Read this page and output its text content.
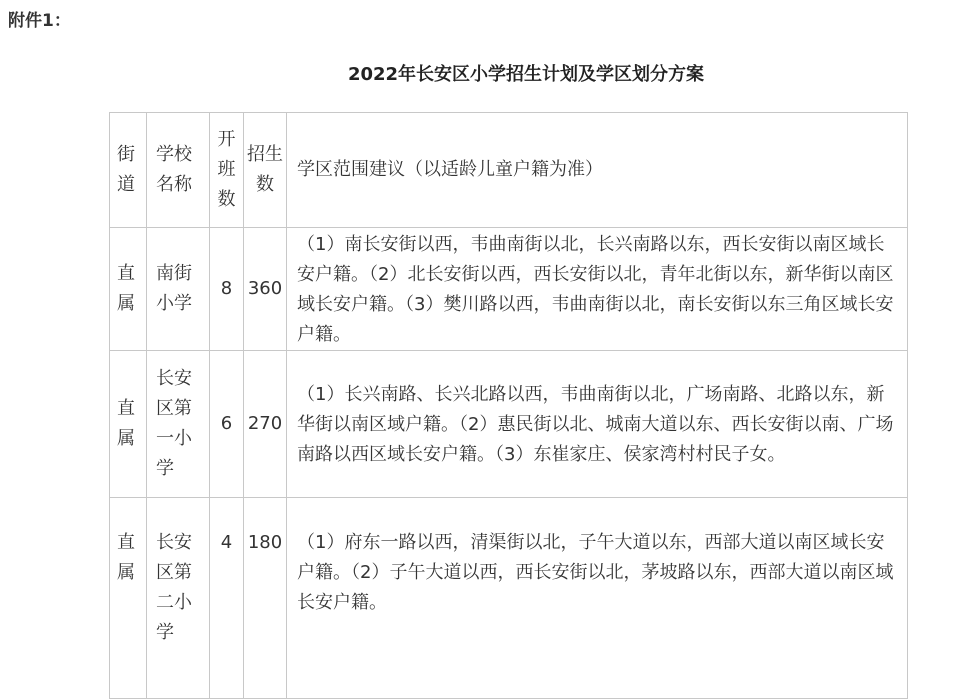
附件1：
2022年长安区小学招生计划及学区划分方案
街道	学校名称	开班数	招生数	学区范围建议（以适龄儿童户籍为准）
直属	南街小学	8	360	（1）南长安街以西，韦曲南街以北，长兴南路以东，西长安街以南区域长安户籍。（2）北长安街以西，西长安街以北，青年北街以东，新华街以南区域长安户籍。（3）樊川路以西，韦曲南街以北，南长安街以东三角区域长安户籍。
直属	长安区第一小学	6	270	（1）长兴南路、长兴北路以西，韦曲南街以北，广场南路、北路以东，新华街以南区域户籍。（2）惠民街以北、城南大道以东、西长安街以南、广场南路以西区域长安户籍。（3）东崔家庄、侯家湾村村民子女。
直属	长安区第二小学	4	180	（1）府东一路以西，清渠街以北，子午大道以东，西部大道以南区域长安户籍。（2）子午大道以西，西长安街以北，茅坡路以东，西部大道以南区域长安户籍。
